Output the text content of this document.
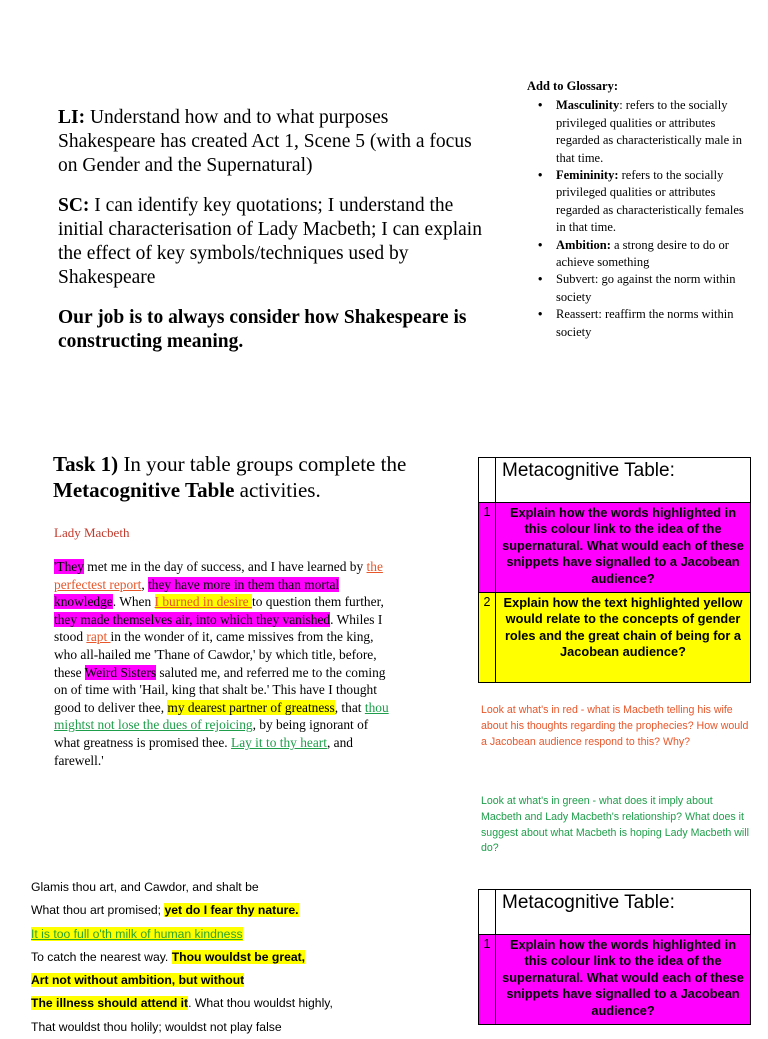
LI: Understand how and to what purposes Shakespeare has created Act 1, Scene 5 (with a focus on Gender and the Supernatural)

SC: I can identify key quotations; I understand the initial characterisation of Lady Macbeth; I can explain the effect of key symbols/techniques used by Shakespeare

Our job is to always consider how Shakespeare is constructing meaning.

Add to Glossary:
• Masculinity: refers to the socially privileged qualities or attributes regarded as characteristically male in that time.
• Femininity: refers to the socially privileged qualities or attributes regarded as characteristically females in that time.
• Ambition: a strong desire to do or achieve something
• Subvert: go against the norm within society
• Reassert: reaffirm the norms within society
Task 1) In your table groups complete the Metacognitive Table activities.
Lady Macbeth
'They met me in the day of success, and I have learned by the perfectest report, they have more in them than mortal knowledge. When I burned in desire to question them further, they made themselves air, into which they vanished. Whiles I stood rapt in the wonder of it, came missives from the king, who all-hailed me 'Thane of Cawdor,' by which title, before, these Weird Sisters saluted me, and referred me to the coming on of time with 'Hail, king that shalt be.' This have I thought good to deliver thee, my dearest partner of greatness, that thou mightst not lose the dues of rejoicing, by being ignorant of what greatness is promised thee. Lay it to thy heart, and farewell.'
Glamis thou art, and Cawdor, and shalt be
What thou art promised; yet do I fear thy nature.
It is too full o'th milk of human kindness
To catch the nearest way. Thou wouldst be great,
Art not without ambition, but without
The illness should attend it. What thou wouldst highly,
That wouldst thou holily; wouldst not play false
	Metacognitive Table:
1	Explain how the words highlighted in this colour link to the idea of the supernatural. What would each of these snippets have signalled to a Jacobean audience?
2	Explain how the text highlighted yellow would relate to the concepts of gender roles and the great chain of being for a Jacobean audience?
Look at what's in red - what is Macbeth telling his wife about his thoughts regarding the prophecies? How would a Jacobean audience respond to this? Why?
Look at what's in green - what does it imply about Macbeth and Lady Macbeth's relationship? What does it suggest about what Macbeth is hoping Lady Macbeth will do?
	Metacognitive Table:
1	Explain how the words highlighted in this colour link to the idea of the supernatural. What would each of these snippets have signalled to a Jacobean audience?
